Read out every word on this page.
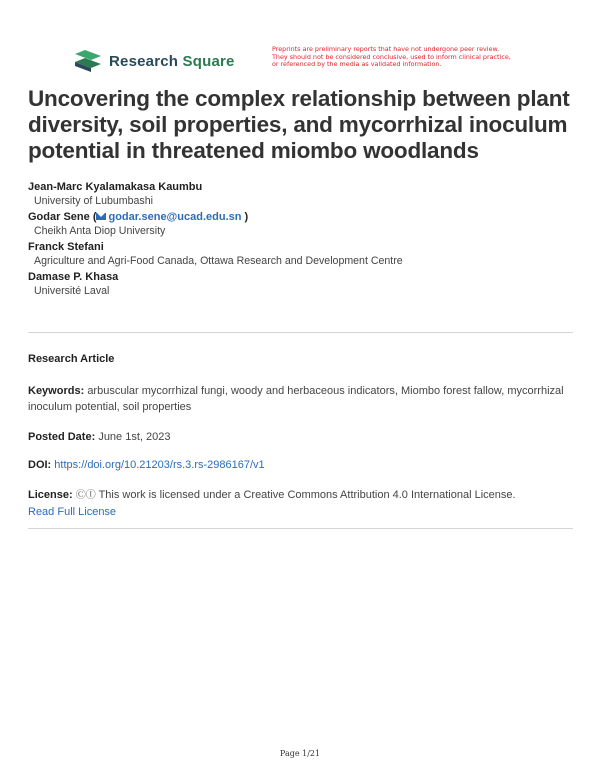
Research Square
Preprints are preliminary reports that have not undergone peer review.
They should not be considered conclusive, used to inform clinical practice,
or referenced by the media as validated information.
Uncovering the complex relationship between plant diversity, soil properties, and mycorrhizal inoculum potential in threatened miombo woodlands
Jean-Marc Kyalamakasa Kaumbu
University of Lubumbashi
Godar Sene ( godar.sene@ucad.edu.sn )
Cheikh Anta Diop University
Franck Stefani
Agriculture and Agri-Food Canada, Ottawa Research and Development Centre
Damase P. Khasa
Université Laval
Research Article
Keywords: arbuscular mycorrhizal fungi, woody and herbaceous indicators, Miombo forest fallow, mycorrhizal inoculum potential, soil properties
Posted Date: June 1st, 2023
DOI: https://doi.org/10.21203/rs.3.rs-2986167/v1
License: ⒸⒾ This work is licensed under a Creative Commons Attribution 4.0 International License.
Read Full License
Page 1/21
